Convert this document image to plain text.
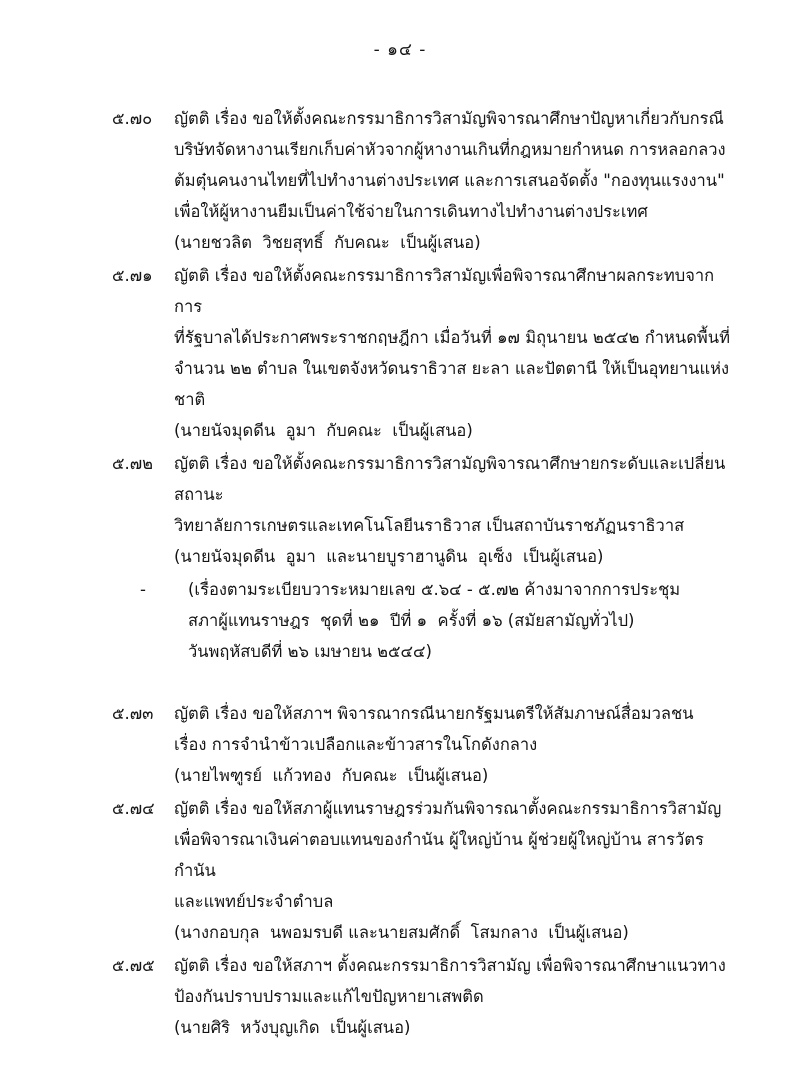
- ๑๔ -
๕.๗๐	ญัตติ เรื่อง ขอให้ตั้งคณะกรรมาธิการวิสามัญพิจารณาศึกษาปัญหาเกี่ยวกับกรณี
บริษัทจัดหางานเรียกเก็บค่าหัวจากผู้หางานเกินที่กฎหมายกำหนด การหลอกลวง
ต้มตุ๋นคนงานไทยที่ไปทำงานต่างประเทศ และการเสนอจัดตั้ง "กองทุนแรงงาน"
เพื่อให้ผู้หางานยืมเป็นค่าใช้จ่ายในการเดินทางไปทำงานต่างประเทศ
(นายชวลิต  วิชยสุทธิ์  กับคณะ  เป็นผู้เสนอ)
๕.๗๑	ญัตติ เรื่อง ขอให้ตั้งคณะกรรมาธิการวิสามัญเพื่อพิจารณาศึกษาผลกระทบจากการ
ที่รัฐบาลได้ประกาศพระราชกฤษฎีกา เมื่อวันที่ ๑๗ มิถุนายน ๒๕๔๒ กำหนดพื้นที่
จำนวน ๒๒ ตำบล ในเขตจังหวัดนราธิวาส ยะลา และปัตตานี ให้เป็นอุทยานแห่งชาติ
(นายนัจมุดดีน  อูมา  กับคณะ  เป็นผู้เสนอ)
๕.๗๒	ญัตติ เรื่อง ขอให้ตั้งคณะกรรมาธิการวิสามัญพิจารณาศึกษายกระดับและเปลี่ยนสถานะ
วิทยาลัยการเกษตรและเทคโนโลยีนราธิวาส เป็นสถาบันราชภัฏนราธิวาส
(นายนัจมุดดีน  อูมา  และนายบูราฮานูดิน  อุเซ็ง  เป็นผู้เสนอ)
-	(เรื่องตามระเบียบวาระหมายเลข ๕.๖๔ - ๕.๗๒ ค้างมาจากการประชุม
สภาผู้แทนราษฎร  ชุดที่ ๒๑  ปีที่ ๑  ครั้งที่ ๑๖ (สมัยสามัญทั่วไป)
วันพฤหัสบดีที่ ๒๖ เมษายน ๒๕๔๔)
๕.๗๓	ญัตติ เรื่อง ขอให้สภาฯ พิจารณากรณีนายกรัฐมนตรีให้สัมภาษณ์สื่อมวลชน
เรื่อง การจำนำข้าวเปลือกและข้าวสารในโกดังกลาง
(นายไพฑูรย์  แก้วทอง  กับคณะ  เป็นผู้เสนอ)
๕.๗๔	ญัตติ เรื่อง ขอให้สภาผู้แทนราษฎรร่วมกันพิจารณาตั้งคณะกรรมาธิการวิสามัญ
เพื่อพิจารณาเงินค่าตอบแทนของกำนัน ผู้ใหญ่บ้าน ผู้ช่วยผู้ใหญ่บ้าน สารวัตรกำนัน
และแพทย์ประจำตำบล
(นางกอบกุล  นพอมรบดี และนายสมศักดิ์  โสมกลาง  เป็นผู้เสนอ)
๕.๗๕	ญัตติ เรื่อง ขอให้สภาฯ ตั้งคณะกรรมาธิการวิสามัญ เพื่อพิจารณาศึกษาแนวทาง
ป้องกันปราบปรามและแก้ไขปัญหายาเสพติด
(นายศิริ  หวังบุญเกิด  เป็นผู้เสนอ)
